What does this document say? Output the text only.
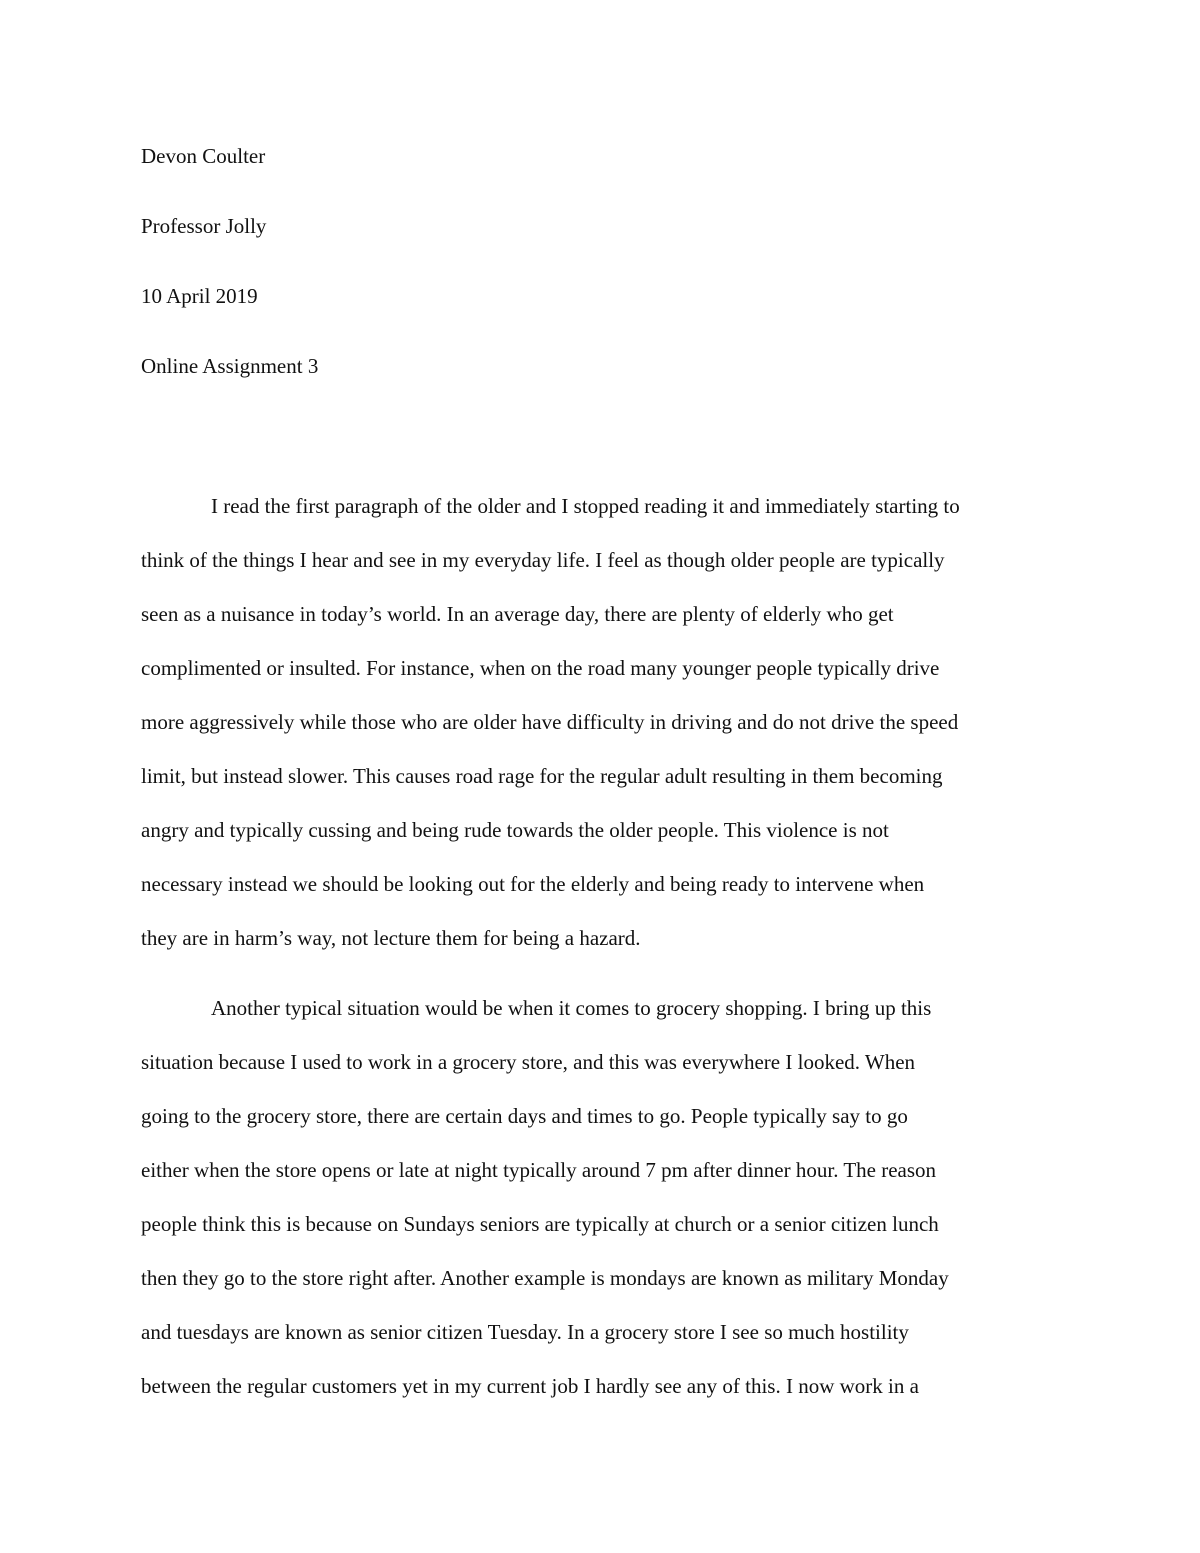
Devon Coulter
Professor Jolly
10 April 2019
Online Assignment 3
I read the first paragraph of the older and I stopped reading it and immediately starting to
think of the things I hear and see in my everyday life. I feel as though older people are typically
seen as a nuisance in today’s world. In an average day, there are plenty of elderly who get
complimented or insulted. For instance, when on the road many younger people typically drive
more aggressively while those who are older have difficulty in driving and do not drive the speed
limit, but instead slower. This causes road rage for the regular adult resulting in them becoming
angry and typically cussing and being rude towards the older people. This violence is not
necessary instead we should be looking out for the elderly and being ready to intervene when
they are in harm’s way, not lecture them for being a hazard.
Another typical situation would be when it comes to grocery shopping. I bring up this
situation because I used to work in a grocery store, and this was everywhere I looked. When
going to the grocery store, there are certain days and times to go. People typically say to go
either when the store opens or late at night typically around 7 pm after dinner hour. The reason
people think this is because on Sundays seniors are typically at church or a senior citizen lunch
then they go to the store right after. Another example is mondays are known as military Monday
and tuesdays are known as senior citizen Tuesday. In a grocery store I see so much hostility
between the regular customers yet in my current job I hardly see any of this. I now work in a
